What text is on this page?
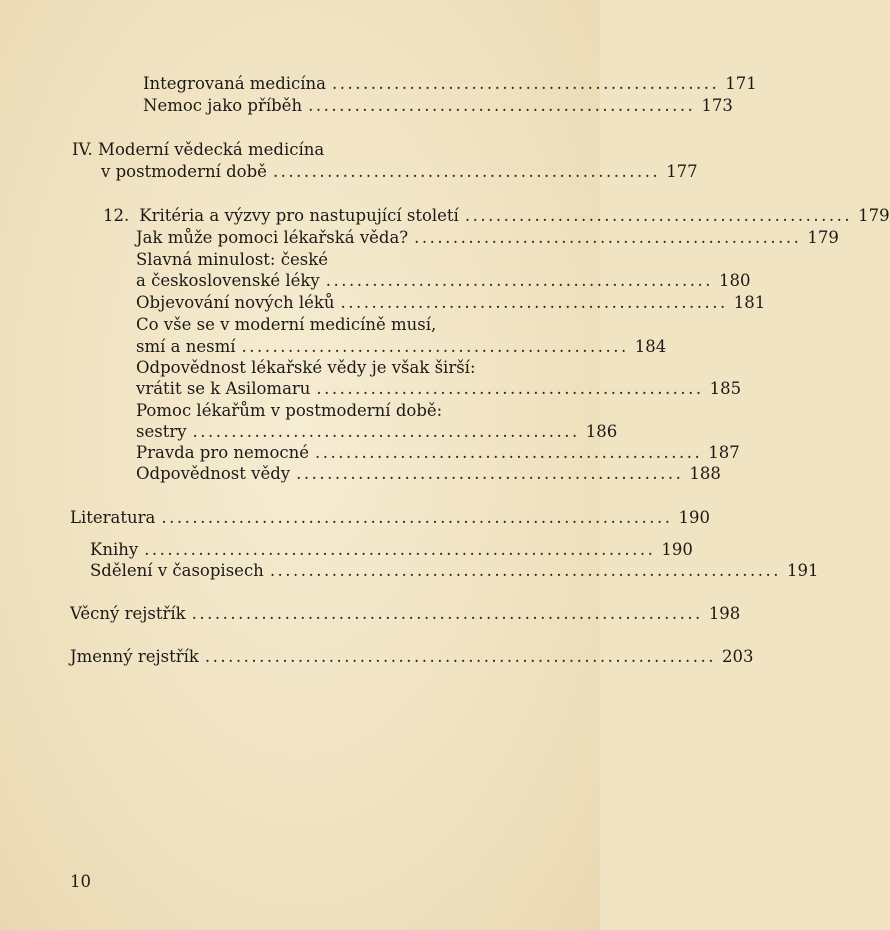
Integrovaná medicína .................................................. 171
Nemoc jako příběh .................................................. 173
IV. Moderní vědecká medicína
v postmoderní době .................................................. 177
12. Kritéria a výzvy pro nastupující století .................................................. 179
Jak může pomoci lékařská věda? .................................................. 179
Slavná minulost: české
a československé léky .................................................. 180
Objevování nových léků .................................................. 181
Co vše se v moderní medicíně musí,
smí a nesmí .................................................. 184
Odpovědnost lékařské vědy je však širší:
vrátit se k Asilomaru .................................................. 185
Pomoc lékařům v postmoderní době:
sestry .................................................. 186
Pravda pro nemocné .................................................. 187
Odpovědnost vědy .................................................. 188
Literatura .................................................................. 190
Knihy .................................................................. 190
Sdělení v časopisech .................................................................. 191
Věcný rejstřík .................................................................. 198
Jmenný rejstřík .................................................................. 203
10
